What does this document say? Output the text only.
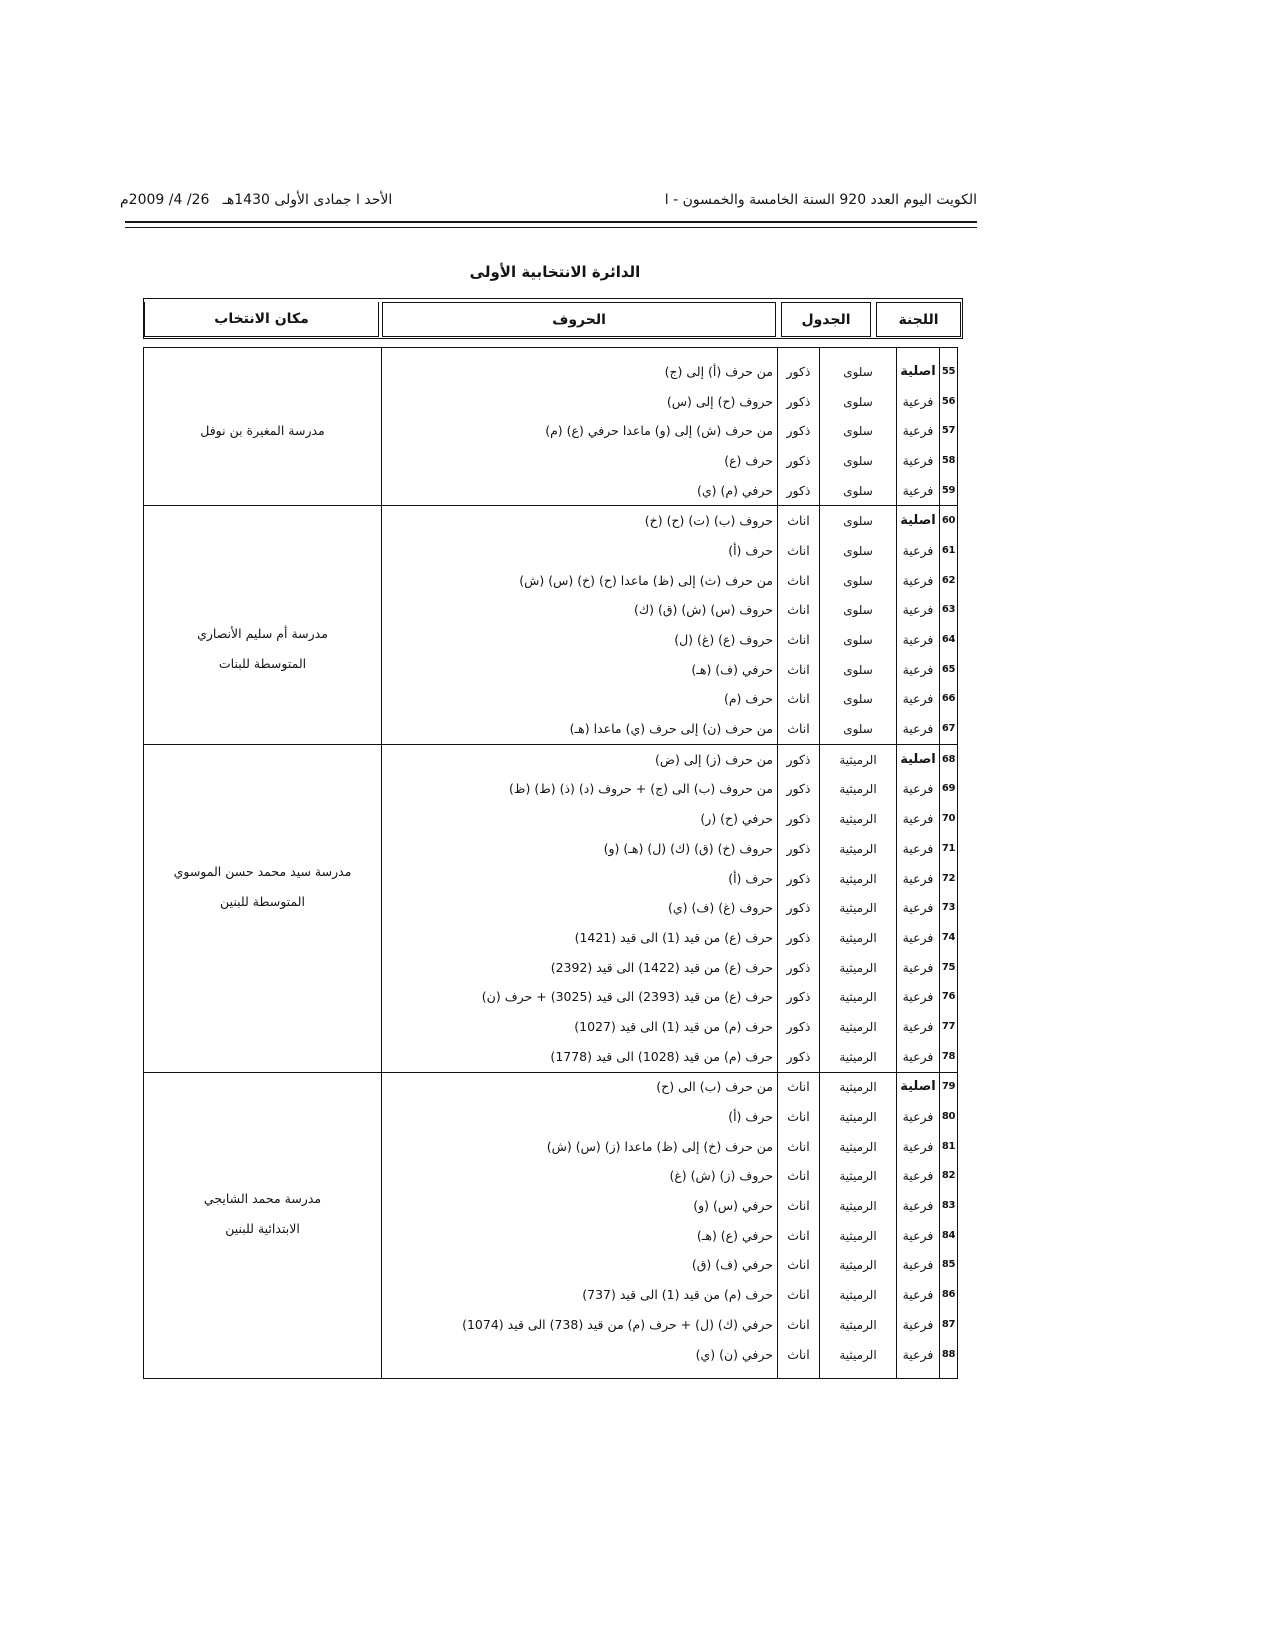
الكويت اليوم العدد 920 السنة الخامسة والخمسون - ا
الأحد ا جمادى الأولى 1430هـ   26/ 4/ 2009م
الدائرة الانتخابية الأولى
مكان الانتخاب	الحروف	الجدول	اللجنة

55	اصلية	سلوى	ذكور	من حرف (أ) إلى (ج)	مدرسة المغيرة بن نوفل

56	فرعية	سلوى	ذكور	حروف (ح) إلى (س)	
57	فرعية	سلوى	ذكور	من حرف (ش) إلى (و) ماعدا حرفي (ع) (م)	
58	فرعية	سلوى	ذكور	حرف (ع)	
59	فرعية	سلوى	ذكور	حرفي (م) (ي)	
60	اصلية	سلوى	اناث	حروف (ب) (ت) (ح) (خ)	مدرسة أم سليم الأنصاري
المتوسطة للبنات

61	فرعية	سلوى	اناث	حرف (أ)	
62	فرعية	سلوى	اناث	من حرف (ث) إلى (ظ) ماعدا (ح) (خ) (س) (ش)	
63	فرعية	سلوى	اناث	حروف (س) (ش) (ق) (ك)	
64	فرعية	سلوى	اناث	حروف (ع) (غ) (ل)	
65	فرعية	سلوى	اناث	حرفي (ف) (هـ)	
66	فرعية	سلوى	اناث	حرف (م)	
67	فرعية	سلوى	اناث	من حرف (ن) إلى حرف (ي) ماعدا (هـ)	
68	اصلية	الرميثية	ذكور	من حرف (ز) إلى (ض)	مدرسة سيد محمد حسن الموسوي
المتوسطة للبنين

69	فرعية	الرميثية	ذكور	من حروف (ب) الى (ج) + حروف (د) (ذ) (ط) (ظ)	
70	فرعية	الرميثية	ذكور	حرفي (ح) (ر)	
71	فرعية	الرميثية	ذكور	حروف (خ) (ق) (ك) (ل) (هـ) (و)	
72	فرعية	الرميثية	ذكور	حرف (أ)	
73	فرعية	الرميثية	ذكور	حروف (غ) (ف) (ي)	
74	فرعية	الرميثية	ذكور	حرف (ع) من قيد (1) الى قيد (1421)	
75	فرعية	الرميثية	ذكور	حرف (ع) من قيد (1422) الى قيد (2392)	
76	فرعية	الرميثية	ذكور	حرف (ع) من قيد (2393) الى قيد (3025) + حرف (ن)	
77	فرعية	الرميثية	ذكور	حرف (م) من قيد (1) الى قيد (1027)	
78	فرعية	الرميثية	ذكور	حرف (م) من قيد (1028) الى قيد (1778)	
79	اصلية	الرميثية	اناث	من حرف (ب) الى (ح)	مدرسة محمد الشايجي
الابتدائية للبنين

80	فرعية	الرميثية	اناث	حرف (أ)	
81	فرعية	الرميثية	اناث	من حرف (خ) إلى (ظ) ماعدا (ز) (س) (ش)	
82	فرعية	الرميثية	اناث	حروف (ز) (ش) (غ)	
83	فرعية	الرميثية	اناث	حرفي (س) (و)	
84	فرعية	الرميثية	اناث	حرفي (ع) (هـ)	
85	فرعية	الرميثية	اناث	حرفي (ف) (ق)	
86	فرعية	الرميثية	اناث	حرف (م) من قيد (1) الى قيد (737)	
87	فرعية	الرميثية	اناث	حرفي (ك) (ل) + حرف (م) من قيد (738) الى قيد (1074)	
88	فرعية	الرميثية	اناث	حرفي (ن) (ي)	
